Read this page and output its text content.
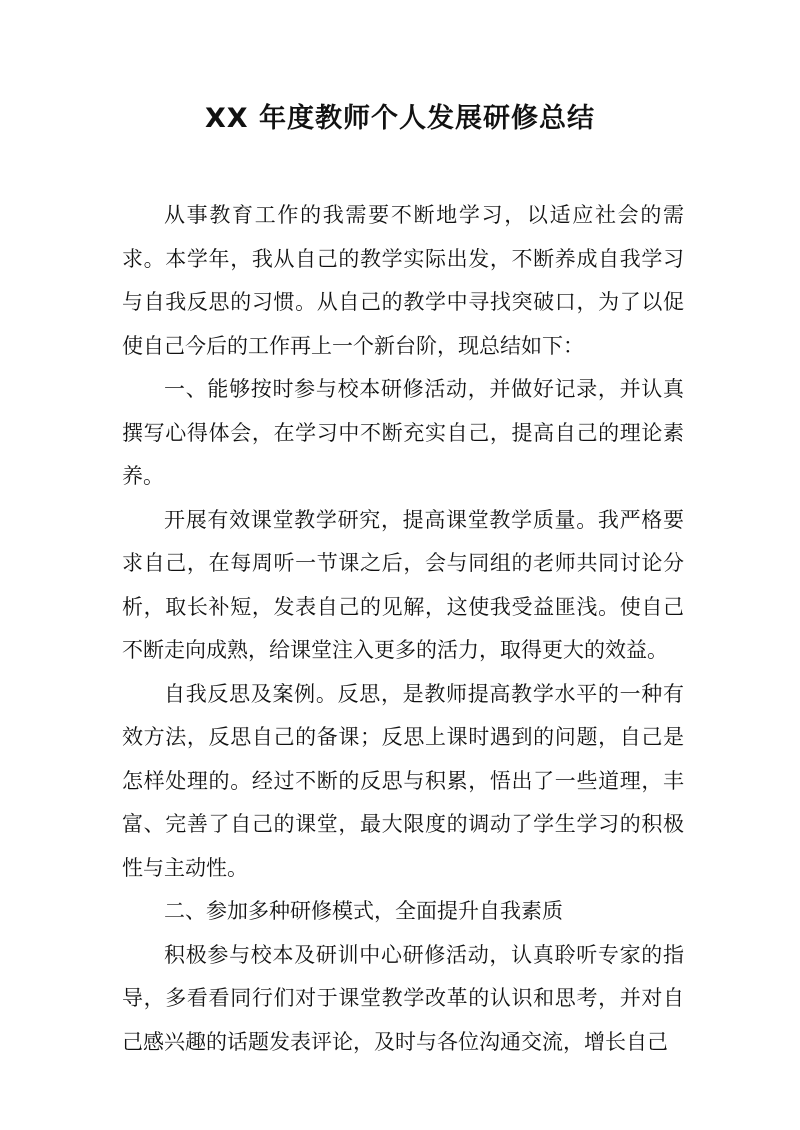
XX 年度教师个人发展研修总结

从事教育工作的我需要不断地学习，以适应社会的需求。本学年，我从自己的教学实际出发，不断养成自我学习与自我反思的习惯。从自己的教学中寻找突破口，为了以促使自己今后的工作再上一个新台阶，现总结如下：

一、能够按时参与校本研修活动，并做好记录，并认真撰写心得体会，在学习中不断充实自己，提高自己的理论素养。

开展有效课堂教学研究，提高课堂教学质量。我严格要求自己，在每周听一节课之后，会与同组的老师共同讨论分析，取长补短，发表自己的见解，这使我受益匪浅。使自己不断走向成熟，给课堂注入更多的活力，取得更大的效益。

自我反思及案例。反思，是教师提高教学水平的一种有效方法，反思自己的备课；反思上课时遇到的问题，自己是怎样处理的。经过不断的反思与积累，悟出了一些道理，丰富、完善了自己的课堂，最大限度的调动了学生学习的积极性与主动性。

二、参加多种研修模式，全面提升自我素质

积极参与校本及研训中心研修活动，认真聆听专家的指导，多看看同行们对于课堂教学改革的认识和思考，并对自己感兴趣的话题发表评论，及时与各位沟通交流，增长自己
